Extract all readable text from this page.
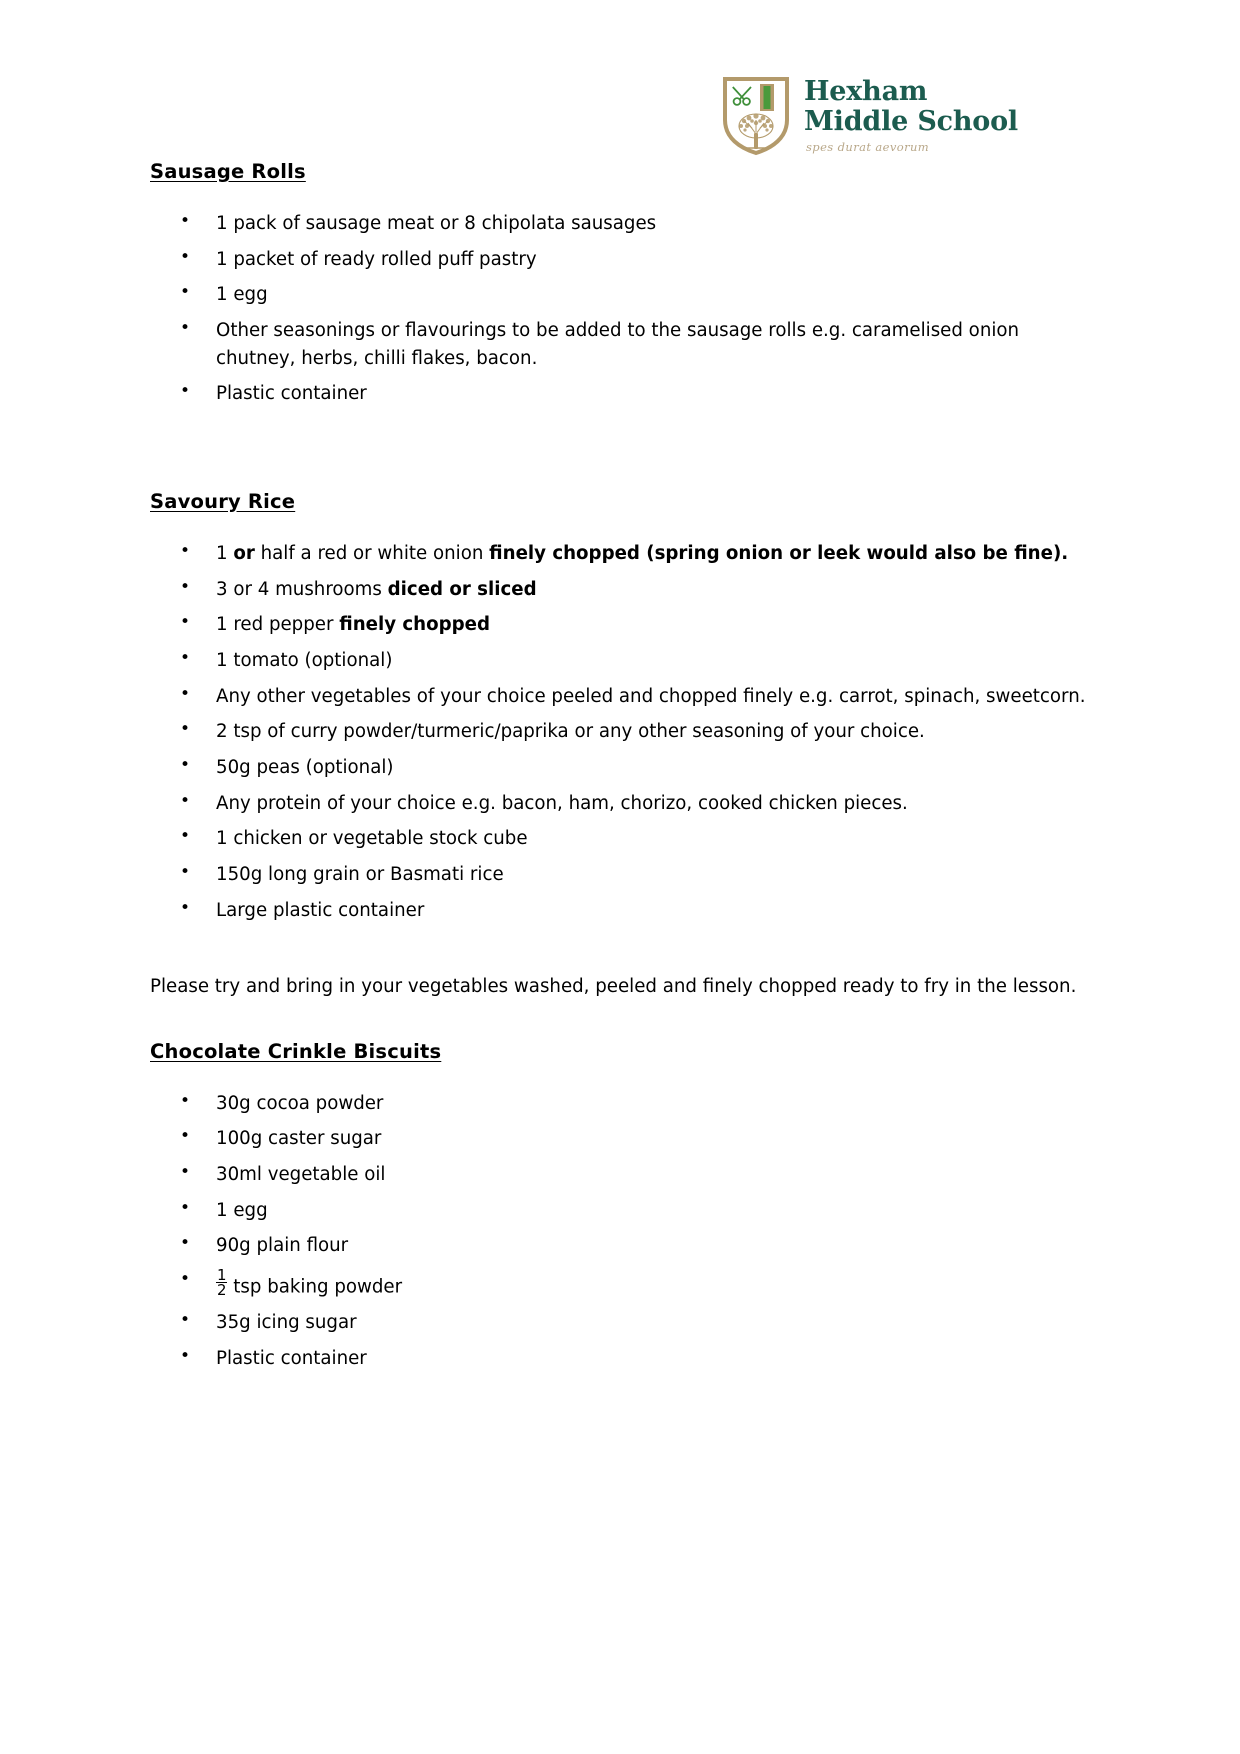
Hexham
Middle School
spes durat aevorum
Sausage Rolls
• 1 pack of sausage meat or 8 chipolata sausages
• 1 packet of ready rolled puff pastry
• 1 egg
• Other seasonings or flavourings to be added to the sausage rolls e.g. caramelised onion chutney, herbs, chilli flakes, bacon.
• Plastic container
Savoury Rice
• 1 or half a red or white onion finely chopped (spring onion or leek would also be fine).
• 3 or 4 mushrooms diced or sliced
• 1 red pepper finely chopped
• 1 tomato (optional)
• Any other vegetables of your choice peeled and chopped finely e.g. carrot, spinach, sweetcorn.
• 2 tsp of curry powder/turmeric/paprika or any other seasoning of your choice.
• 50g peas (optional)
• Any protein of your choice e.g. bacon, ham, chorizo, cooked chicken pieces.
• 1 chicken or vegetable stock cube
• 150g long grain or Basmati rice
• Large plastic container

Please try and bring in your vegetables washed, peeled and finely chopped ready to fry in the lesson.

Chocolate Crinkle Biscuits
• 30g cocoa powder
• 100g caster sugar
• 30ml vegetable oil
• 1 egg
• 90g plain flour
• $\frac{1}{2}$ tsp baking powder
• 35g icing sugar
• Plastic container
